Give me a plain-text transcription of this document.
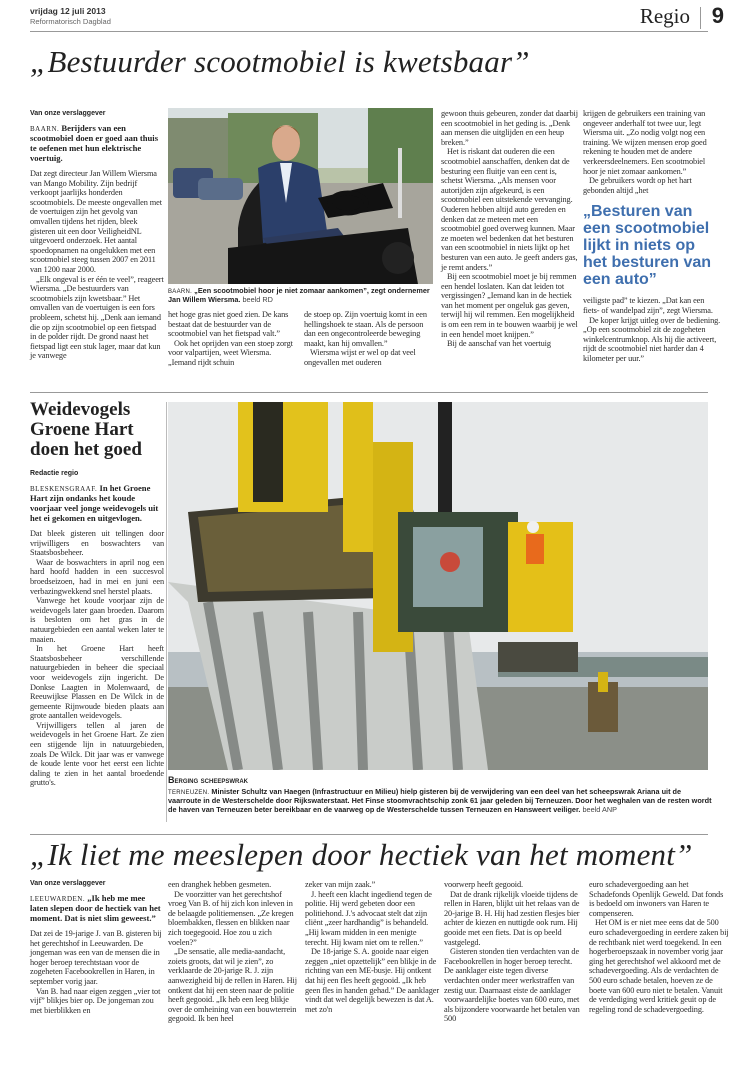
vrijdag 12 juli 2013
Reformatorisch Dagblad	Regio 9
„Bestuurder scootmobiel is kwetsbaar”
Van onze verslaggever
BAARN. Berijders van een scootmobiel doen er goed aan thuis te oefenen met hun elektrische voertuig.

Dat zegt directeur Jan Willem Wiersma van Mango Mobility. Zijn bedrijf verkoopt jaarlijks honderden scootmobiels. De meeste ongevallen met de voertuigen zijn het gevolg van omvallen tijdens het rijden, bleek gisteren uit een door VeiligheidNL uitgevoerd onderzoek. Het aantal spoedopnamen na ongelukken met een scootmobiel steeg tussen 2007 en 2011 van 1200 naar 2000.

„Elk ongeval is er één te veel”, reageert Wiersma. „De bestuurders van scootmobiels zijn kwetsbaar.” Het omvallen van de voertuigen is een fors probleem, schetst hij. „Denk aan iemand die op zijn scootmobiel op een fietspad in de polder rijdt. De grond naast het fietspad ligt een stuk lager, maar dat kun je vanwege

BAARN. „Een scootmobiel hoor je niet zomaar aankomen”, zegt ondernemer Jan Willem Wiersma. beeld RD

het hoge gras niet goed zien. De kans bestaat dat de bestuurder van de scootmobiel van het fietspad valt.”

Ook het oprijden van een stoep zorgt voor valpartijen, weet Wiersma. „Iemand rijdt schuin

de stoep op. Zijn voertuig komt in een hellingshoek te staan. Als de persoon dan een ongecontroleerde beweging maakt, kan hij omvallen.”

Wiersma wijst er wel op dat veel ongevallen met ouderen

gewoon thuis gebeuren, zonder dat daarbij een scootmobiel in het geding is. „Denk aan mensen die uitglijden en een heup breken.”

Het is riskant dat ouderen die een scootmobiel aanschaffen, denken dat de besturing een fluitje van een cent is, schetst Wiersma. „Als mensen voor autorijden zijn afgekeurd, is een scootmobiel een uitstekende vervanging. Ouderen hebben altijd auto gereden en denken dat ze meteen met een scootmobiel goed overweg kunnen. Maar ze moeten wel bedenken dat het besturen van een scootmobiel in niets lijkt op het besturen van een auto. Je geeft anders gas, je remt anders.”

Bij een scootmobiel moet je bij remmen een hendel loslaten. Kan dat leiden tot vergissingen? „Iemand kan in de hectiek van het moment per ongeluk gas geven, terwijl hij wil remmen. Een mogelijkheid is om een rem in te bouwen waarbij je wel in een hendel moet knijpen.”

Bij de aanschaf van het voertuig

krijgen de gebruikers een training van ongeveer anderhalf tot twee uur, legt Wiersma uit. „Zo nodig volgt nog een training. We wijzen mensen erop goed rekening te houden met de andere verkeersdeelnemers. Een scootmobiel hoor je niet zomaar aankomen.”

De gebruikers wordt op het hart gebonden altijd „het

„Besturen van een scootmobiel lijkt in niets op het besturen van een auto”

veiligste pad” te kiezen. „Dat kan een fiets- of wandelpad zijn”, zegt Wiersma.

De koper krijgt uitleg over de bediening. „Op een scootmobiel zit de zogeheten winkelcentrumknop. Als hij die activeert, rijdt de scootmobiel niet harder dan 4 kilometer per uur.”

Weidevogels Groene Hart doen het goed
Redactie regio
BLESKENSGRAAF. In het Groene Hart zijn ondanks het koude voorjaar veel jonge weidevogels uit het ei gekomen en uitgevlogen.

Dat bleek gisteren uit tellingen door vrijwilligers en boswachters van Staatsbosbeheer.

Waar de boswachters in april nog een hard hoofd hadden in een succesvol broedseizoen, had in mei en juni een verbazingwekkend snel herstel plaats.

Vanwege het koude voorjaar zijn de weidevogels later gaan broeden. Daarom is besloten om het gras in de natuurgebieden een aantal weken later te maaien.

In het Groene Hart heeft Staatsbosbeheer verschillende natuurgebieden in beheer die speciaal voor weidevogels zijn ingericht. De Donkse Laagten in Molenwaard, de Reeuwijkse Plassen en De Wilck in de gemeente Rijnwoude bieden plaats aan grote aantallen weidevogels.

Vrijwilligers tellen al jaren de weidevogels in het Groene Hart. Ze zien een stijgende lijn in natuurgebieden, zoals De Wilck. Dit jaar was er vanwege de koude lente voor het eerst een lichte daling te zien in het aantal broedende grutto's.	Berging scheepswrak
TERNEUZEN. Minister Schultz van Haegen (Infrastructuur en Milieu) hielp gisteren bij de verwijdering van een deel van het scheepswrak Ariana uit de vaarroute in de Westerschelde door Rijkswaterstaat. Het Finse stoomvrachtschip zonk 61 jaar geleden bij Terneuzen. Door het weghalen van de resten wordt de haven van Terneuzen beter bereikbaar en de vaarweg op de Westerschelde tussen Terneuzen en Hansweert veiliger. beeld ANP
„Ik liet me meeslepen door hectiek van het moment”
Van onze verslaggever
LEEUWARDEN. „Ik heb me mee laten slepen door de hectiek van het moment. Dat is niet slim geweest.”

Dat zei de 19-jarige J. van B. gisteren bij het gerechtshof in Leeuwarden. De jongeman was een van de mensen die in hoger beroep terechtstaan voor de zogeheten Facebookrellen in Haren, in september vorig jaar.

Van B. had naar eigen zeggen „vier tot vijf” blikjes bier op. De jongeman zou met bierblikken en

een dranghek hebben gesmeten.

De voorzitter van het gerechtshof vroeg Van B. of hij zich kon inleven in de belaagde politiemensen. „Ze kregen bloembakken, flessen en blikken naar zich toegegooid. Hoe zou u zich voelen?”

„De sensatie, alle media-aandacht, zoiets groots, dat wil je zien”, zo verklaarde de 20-jarige R. J. zijn aanwezigheid bij de rellen in Haren. Hij ontkent dat hij een steen naar de politie heeft gegooid. „Ik heb een leeg blikje over de omheining van een bouwterrein gegooid. Ik ben heel

zeker van mijn zaak.”

J. heeft een klacht ingediend tegen de politie. Hij werd gebeten door een politiehond. J.'s advocaat stelt dat zijn cliënt „zeer hardhandig” is behandeld. „Hij kwam midden in een menigte terecht. Hij kwam niet om te rellen.”

De 18-jarige S. A. gooide naar eigen zeggen „niet opzettelijk” een blikje in de richting van een ME-busje. Hij ontkent dat hij een fles heeft gegooid. „Ik heb geen fles in handen gehad.” De aanklager vindt dat wel degelijk bewezen is dat A. met zo'n

voorwerp heeft gegooid.

Dat de drank rijkelijk vloeide tijdens de rellen in Haren, blijkt uit het relaas van de 20-jarige B. H. Hij had zestien flesjes bier achter de kiezen en nuttigde ook rum. Hij gooide met een fiets. Dat is op beeld vastgelegd.

Gisteren stonden tien verdachten van de Facebookrellen in hoger beroep terecht. De aanklager eiste tegen diverse verdachten onder meer werkstraffen van zestig uur. Daarnaast eiste de aanklager voorwaardelijke boetes van 600 euro, met als bijzondere voorwaarde het betalen van 500

euro schadevergoeding aan het Schadefonds Openlijk Geweld. Dat fonds is bedoeld om inwoners van Haren te compenseren.

Het OM is er niet mee eens dat de 500 euro schadevergoeding in eerdere zaken bij de rechtbank niet werd toegekend. In een hogerberoepszaak in november vorig jaar ging het gerechtshof wel akkoord met de schadevergoeding. Als de verdachten de 500 euro schade betalen, hoeven ze de boete van 600 euro niet te betalen. Vanuit de verdediging werd kritiek geuit op de regeling rond de schadevergoeding.
